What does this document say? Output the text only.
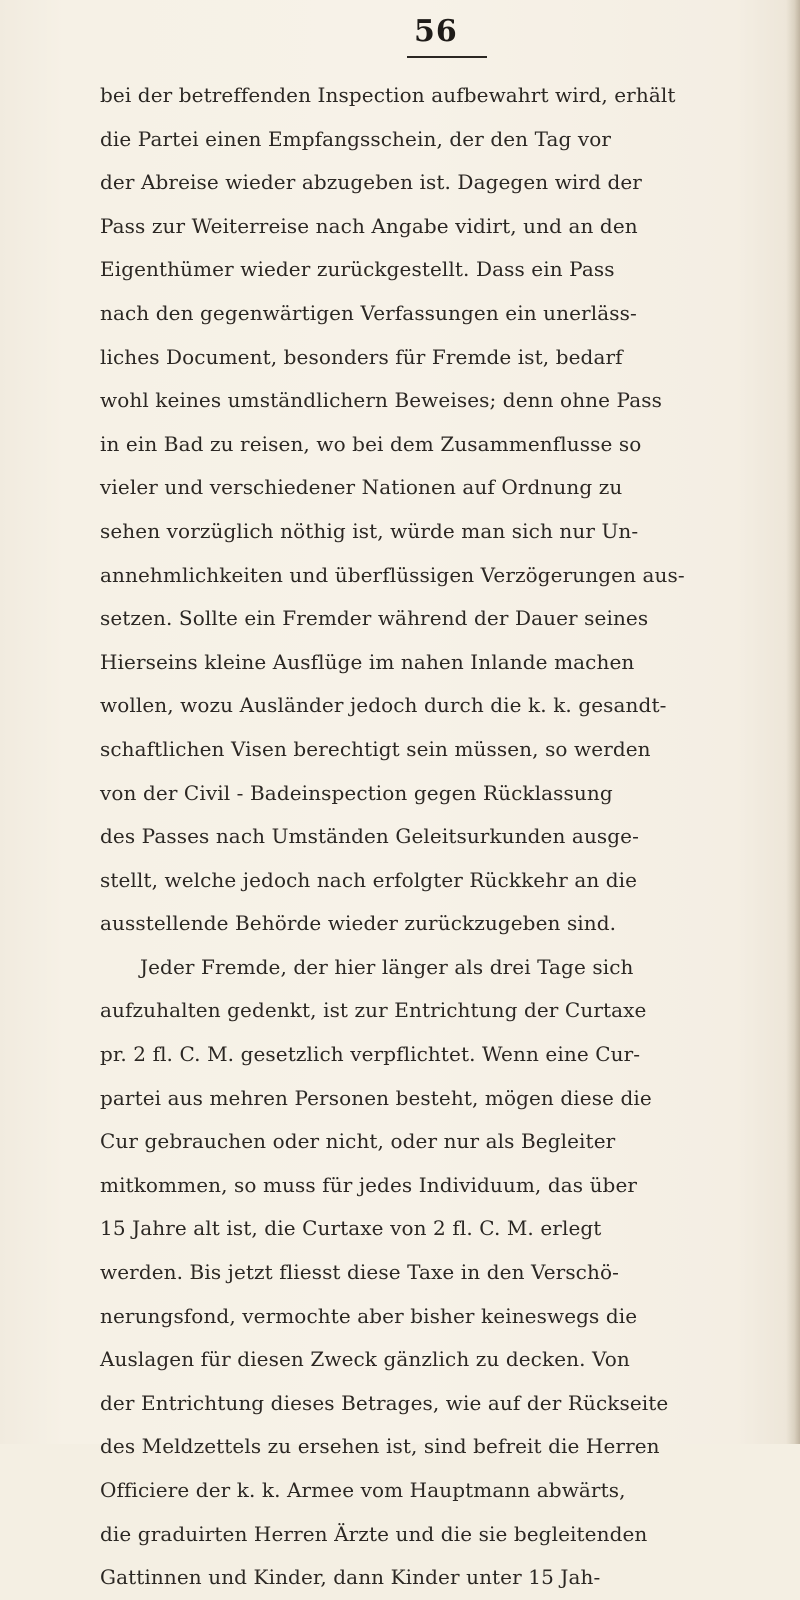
56
bei der betreffenden Inspection aufbewahrt wird, erhält
die Partei einen Empfangsschein, der den Tag vor
der Abreise wieder abzugeben ist. Dagegen wird der
Pass zur Weiterreise nach Angabe vidirt, und an den
Eigenthümer wieder zurückgestellt. Dass ein Pass
nach den gegenwärtigen Verfassungen ein unerläss-
liches Document, besonders für Fremde ist, bedarf
wohl keines umständlichern Beweises; denn ohne Pass
in ein Bad zu reisen, wo bei dem Zusammenflusse so
vieler und verschiedener Nationen auf Ordnung zu
sehen vorzüglich nöthig ist, würde man sich nur Un-
annehmlichkeiten und überflüssigen Verzögerungen aus-
setzen. Sollte ein Fremder während der Dauer seines
Hierseins kleine Ausflüge im nahen Inlande machen
wollen, wozu Ausländer jedoch durch die k. k. gesandt-
schaftlichen Visen berechtigt sein müssen, so werden
von der Civil - Badeinspection gegen Rücklassung
des Passes nach Umständen Geleitsurkunden ausge-
stellt, welche jedoch nach erfolgter Rückkehr an die
ausstellende Behörde wieder zurückzugeben sind.
Jeder Fremde, der hier länger als drei Tage sich
aufzuhalten gedenkt, ist zur Entrichtung der Curtaxe
pr. 2 fl. C. M. gesetzlich verpflichtet. Wenn eine Cur-
partei aus mehren Personen besteht, mögen diese die
Cur gebrauchen oder nicht, oder nur als Begleiter
mitkommen, so muss für jedes Individuum, das über
15 Jahre alt ist, die Curtaxe von 2 fl. C. M. erlegt
werden. Bis jetzt fliesst diese Taxe in den Verschö-
nerungsfond, vermochte aber bisher keineswegs die
Auslagen für diesen Zweck gänzlich zu decken. Von
der Entrichtung dieses Betrages, wie auf der Rückseite
des Meldzettels zu ersehen ist, sind befreit die Herren
Officiere der k. k. Armee vom Hauptmann abwärts,
die graduirten Herren Ärzte und die sie begleitenden
Gattinnen und Kinder, dann Kinder unter 15 Jah-
